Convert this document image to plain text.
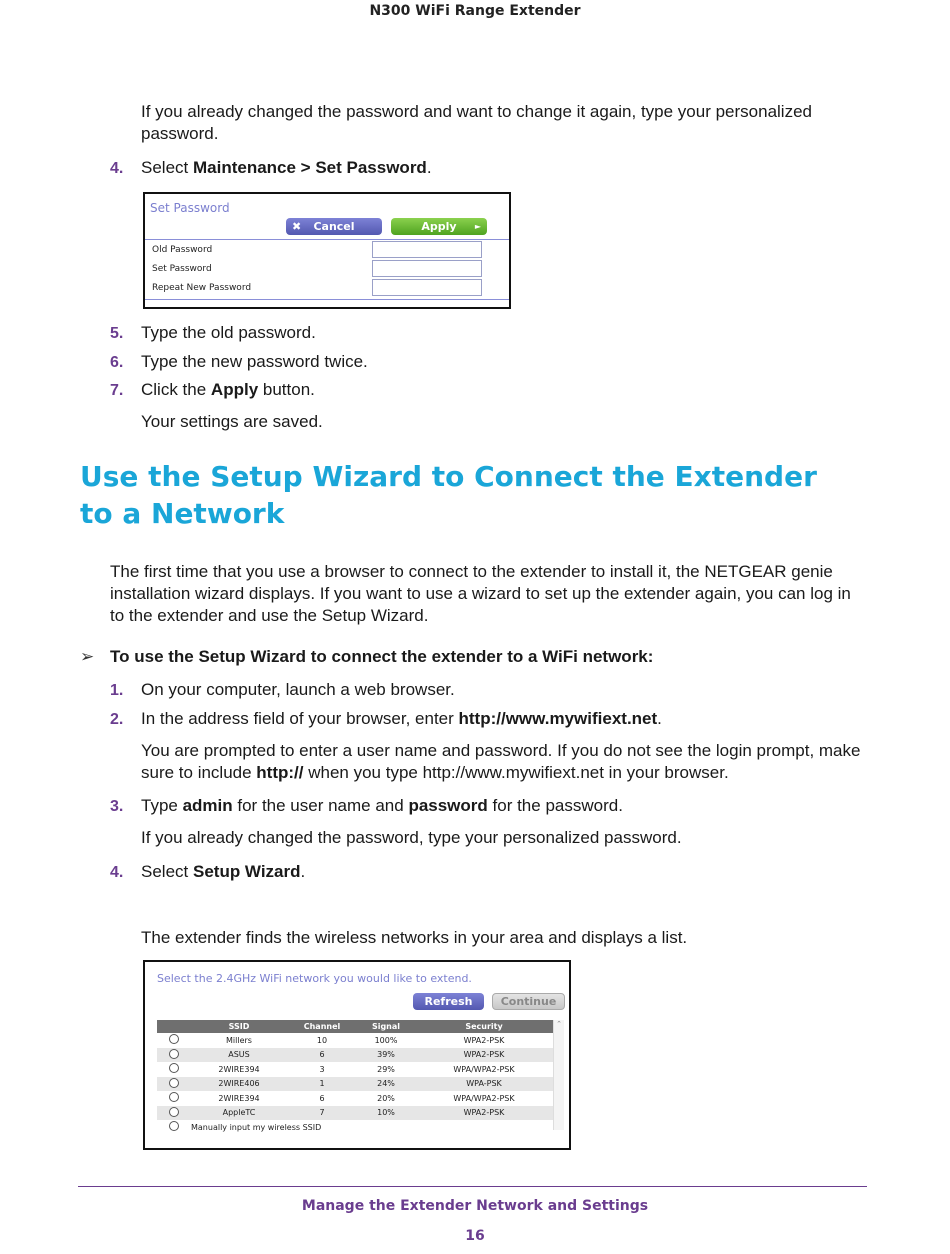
N300 WiFi Range Extender
If you already changed the password and want to change it again, type your personalized password.
4. Select Maintenance > Set Password.
Set Password
✖ Cancel	Apply ►
Old Password
Set Password
Repeat New Password
5. Type the old password.
6. Type the new password twice.
7. Click the Apply button.
Your settings are saved.
Use the Setup Wizard to Connect the Extender to a Network
The first time that you use a browser to connect to the extender to install it, the NETGEAR genie installation wizard displays. If you want to use a wizard to set up the extender again, you can log in to the extender and use the Setup Wizard.
➢ To use the Setup Wizard to connect the extender to a WiFi network:
1. On your computer, launch a web browser.
2. In the address field of your browser, enter http://www.mywifiext.net.
You are prompted to enter a user name and password. If you do not see the login prompt, make sure to include http:// when you type http://www.mywifiext.net in your browser.
3. Type admin for the user name and password for the password.
If you already changed the password, type your personalized password.
4. Select Setup Wizard.
The extender finds the wireless networks in your area and displays a list.
Select the 2.4GHz WiFi network you would like to extend.
Refresh	Continue
	SSID	Channel	Signal	Security
	Millers	10	100%	WPA2-PSK
	ASUS	6	39%	WPA2-PSK
	2WIRE394	3	29%	WPA/WPA2-PSK
	2WIRE406	1	24%	WPA-PSK
	2WIRE394	6	20%	WPA/WPA2-PSK
	AppleTC	7	10%	WPA2-PSK
	Manually input my wireless SSID			
⌃
Manage the Extender Network and Settings
16
